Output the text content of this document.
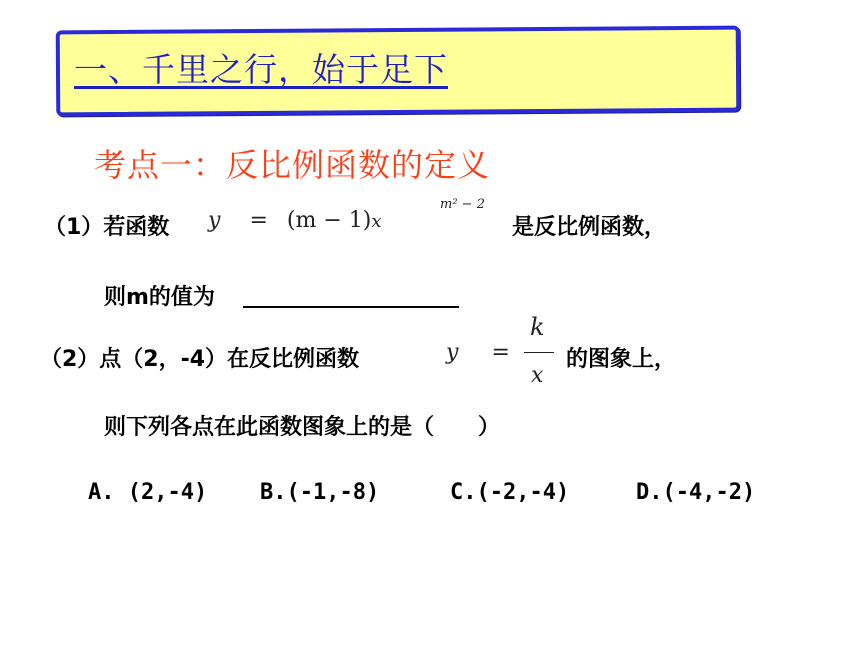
一、千里之行，始于足下
考点一：反比例函数的定义
（1）若函数 y = (m − 1)x
m² − 2
是反比例函数，
则m的值为
（2）点（2，-4）在反比例函数	y =
k
x
的图象上，
则下列各点在此函数图象上的是（　　）
A. (2,-4) B.(-1,-8)	C.(-2,-4)	D.(-4,-2)
